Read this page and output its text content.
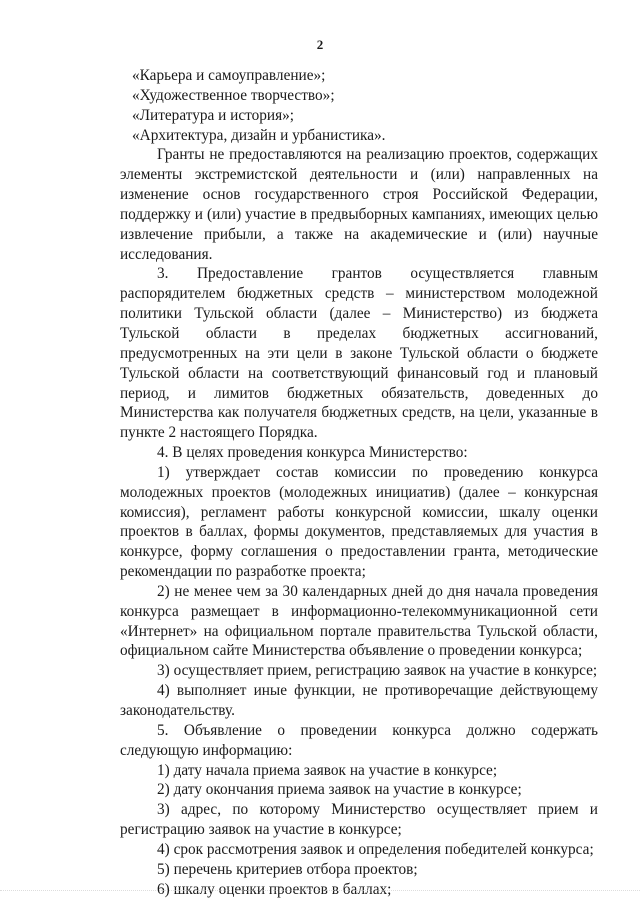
2

«Карьера и самоуправление»;

«Художественное творчество»;

«Литература и история»;

«Архитектура, дизайн и урбанистика».

Гранты не предоставляются на реализацию проектов, содержащих элементы экстремистской деятельности и (или) направленных на изменение основ государственного строя Российской Федерации, поддержку и (или) участие в предвыборных кампаниях, имеющих целью извлечение прибыли, а также на академические и (или) научные исследования.

3. Предоставление грантов осуществляется главным распорядителем бюджетных средств – министерством молодежной политики Тульской области (далее – Министерство) из бюджета Тульской области в пределах бюджетных ассигнований, предусмотренных на эти цели в законе Тульской области о бюджете Тульской области на соответствующий финансовый год и плановый период, и лимитов бюджетных обязательств, доведенных до Министерства как получателя бюджетных средств, на цели, указанные в пункте 2 настоящего Порядка.

4. В целях проведения конкурса Министерство:

1) утверждает состав комиссии по проведению конкурса молодежных проектов (молодежных инициатив) (далее – конкурсная комиссия), регламент работы конкурсной комиссии, шкалу оценки проектов в баллах, формы документов, представляемых для участия в конкурсе, форму соглашения о предоставлении гранта, методические рекомендации по разработке проекта;

2) не менее чем за 30 календарных дней до дня начала проведения конкурса размещает в информационно-телекоммуникационной сети «Интернет» на официальном портале правительства Тульской области, официальном сайте Министерства объявление о проведении конкурса;

3) осуществляет прием, регистрацию заявок на участие в конкурсе;

4) выполняет иные функции, не противоречащие действующему законодательству.

5. Объявление о проведении конкурса должно содержать следующую информацию:

1) дату начала приема заявок на участие в конкурсе;

2) дату окончания приема заявок на участие в конкурсе;

3) адрес, по которому Министерство осуществляет прием и регистрацию заявок на участие в конкурсе;

4) срок рассмотрения заявок и определения победителей конкурса;

5) перечень критериев отбора проектов;

6) шкалу оценки проектов в баллах;
